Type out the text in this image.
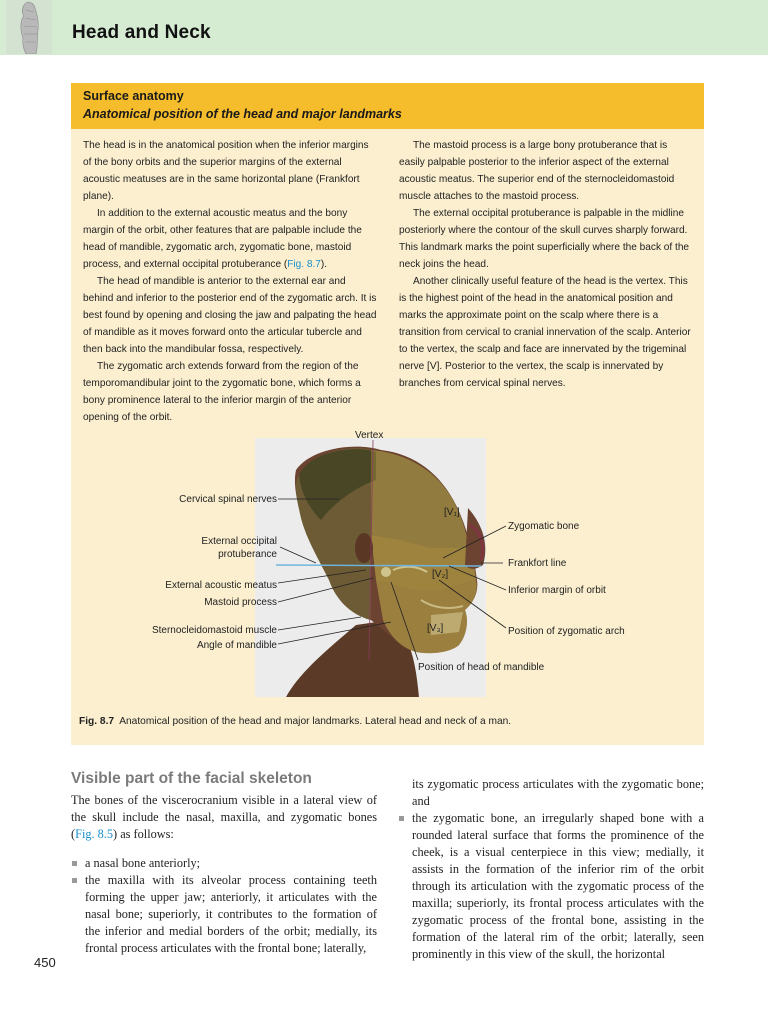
Head and Neck
Surface anatomy
Anatomical position of the head and major landmarks

The head is in the anatomical position when the inferior margins of the bony orbits and the superior margins of the external acoustic meatuses are in the same horizontal plane (Frankfort plane).

In addition to the external acoustic meatus and the bony margin of the orbit, other features that are palpable include the head of mandible, zygomatic arch, zygomatic bone, mastoid process, and external occipital protuberance (Fig. 8.7).

The head of mandible is anterior to the external ear and behind and inferior to the posterior end of the zygomatic arch. It is best found by opening and closing the jaw and palpating the head of mandible as it moves forward onto the articular tubercle and then back into the mandibular fossa, respectively.

The zygomatic arch extends forward from the region of the temporomandibular joint to the zygomatic bone, which forms a bony prominence lateral to the inferior margin of the anterior opening of the orbit.

The mastoid process is a large bony protuberance that is easily palpable posterior to the inferior aspect of the external acoustic meatus. The superior end of the sternocleidomastoid muscle attaches to the mastoid process.

The external occipital protuberance is palpable in the midline posteriorly where the contour of the skull curves sharply forward. This landmark marks the point superficially where the back of the neck joins the head.

Another clinically useful feature of the head is the vertex. This is the highest point of the head in the anatomical position and marks the approximate point on the scalp where there is a transition from cervical to cranial innervation of the scalp. Anterior to the vertex, the scalp and face are innervated by the trigeminal nerve [V]. Posterior to the vertex, the scalp is innervated by branches from cervical spinal nerves.

Vertex
Cervical spinal nerves
External occipital
protuberance
External acoustic meatus
Mastoid process
Sternocleidomastoid muscle
Angle of mandible
Zygomatic bone
Frankfort line
Inferior margin of orbit
Position of zygomatic arch
Position of head of mandible
[V₁]
[V₂]
[V₃]
Fig. 8.7 Anatomical position of the head and major landmarks. Lateral head and neck of a man.
Visible part of the facial skeleton

The bones of the viscerocranium visible in a lateral view of the skull include the nasal, maxilla, and zygomatic bones (Fig. 8.5) as follows:

a nasal bone anteriorly;

the maxilla with its alveolar process containing teeth forming the upper jaw; anteriorly, it articulates with the nasal bone; superiorly, it contributes to the formation of the inferior and medial borders of the orbit; medially, its frontal process articulates with the frontal bone; laterally,

its zygomatic process articulates with the zygomatic bone; and

the zygomatic bone, an irregularly shaped bone with a rounded lateral surface that forms the prominence of the cheek, is a visual centerpiece in this view; medially, it assists in the formation of the inferior rim of the orbit through its articulation with the zygomatic process of the maxilla; superiorly, its frontal process articulates with the zygomatic process of the frontal bone, assisting in the formation of the lateral rim of the orbit; laterally, seen prominently in this view of the skull, the horizontal

450
